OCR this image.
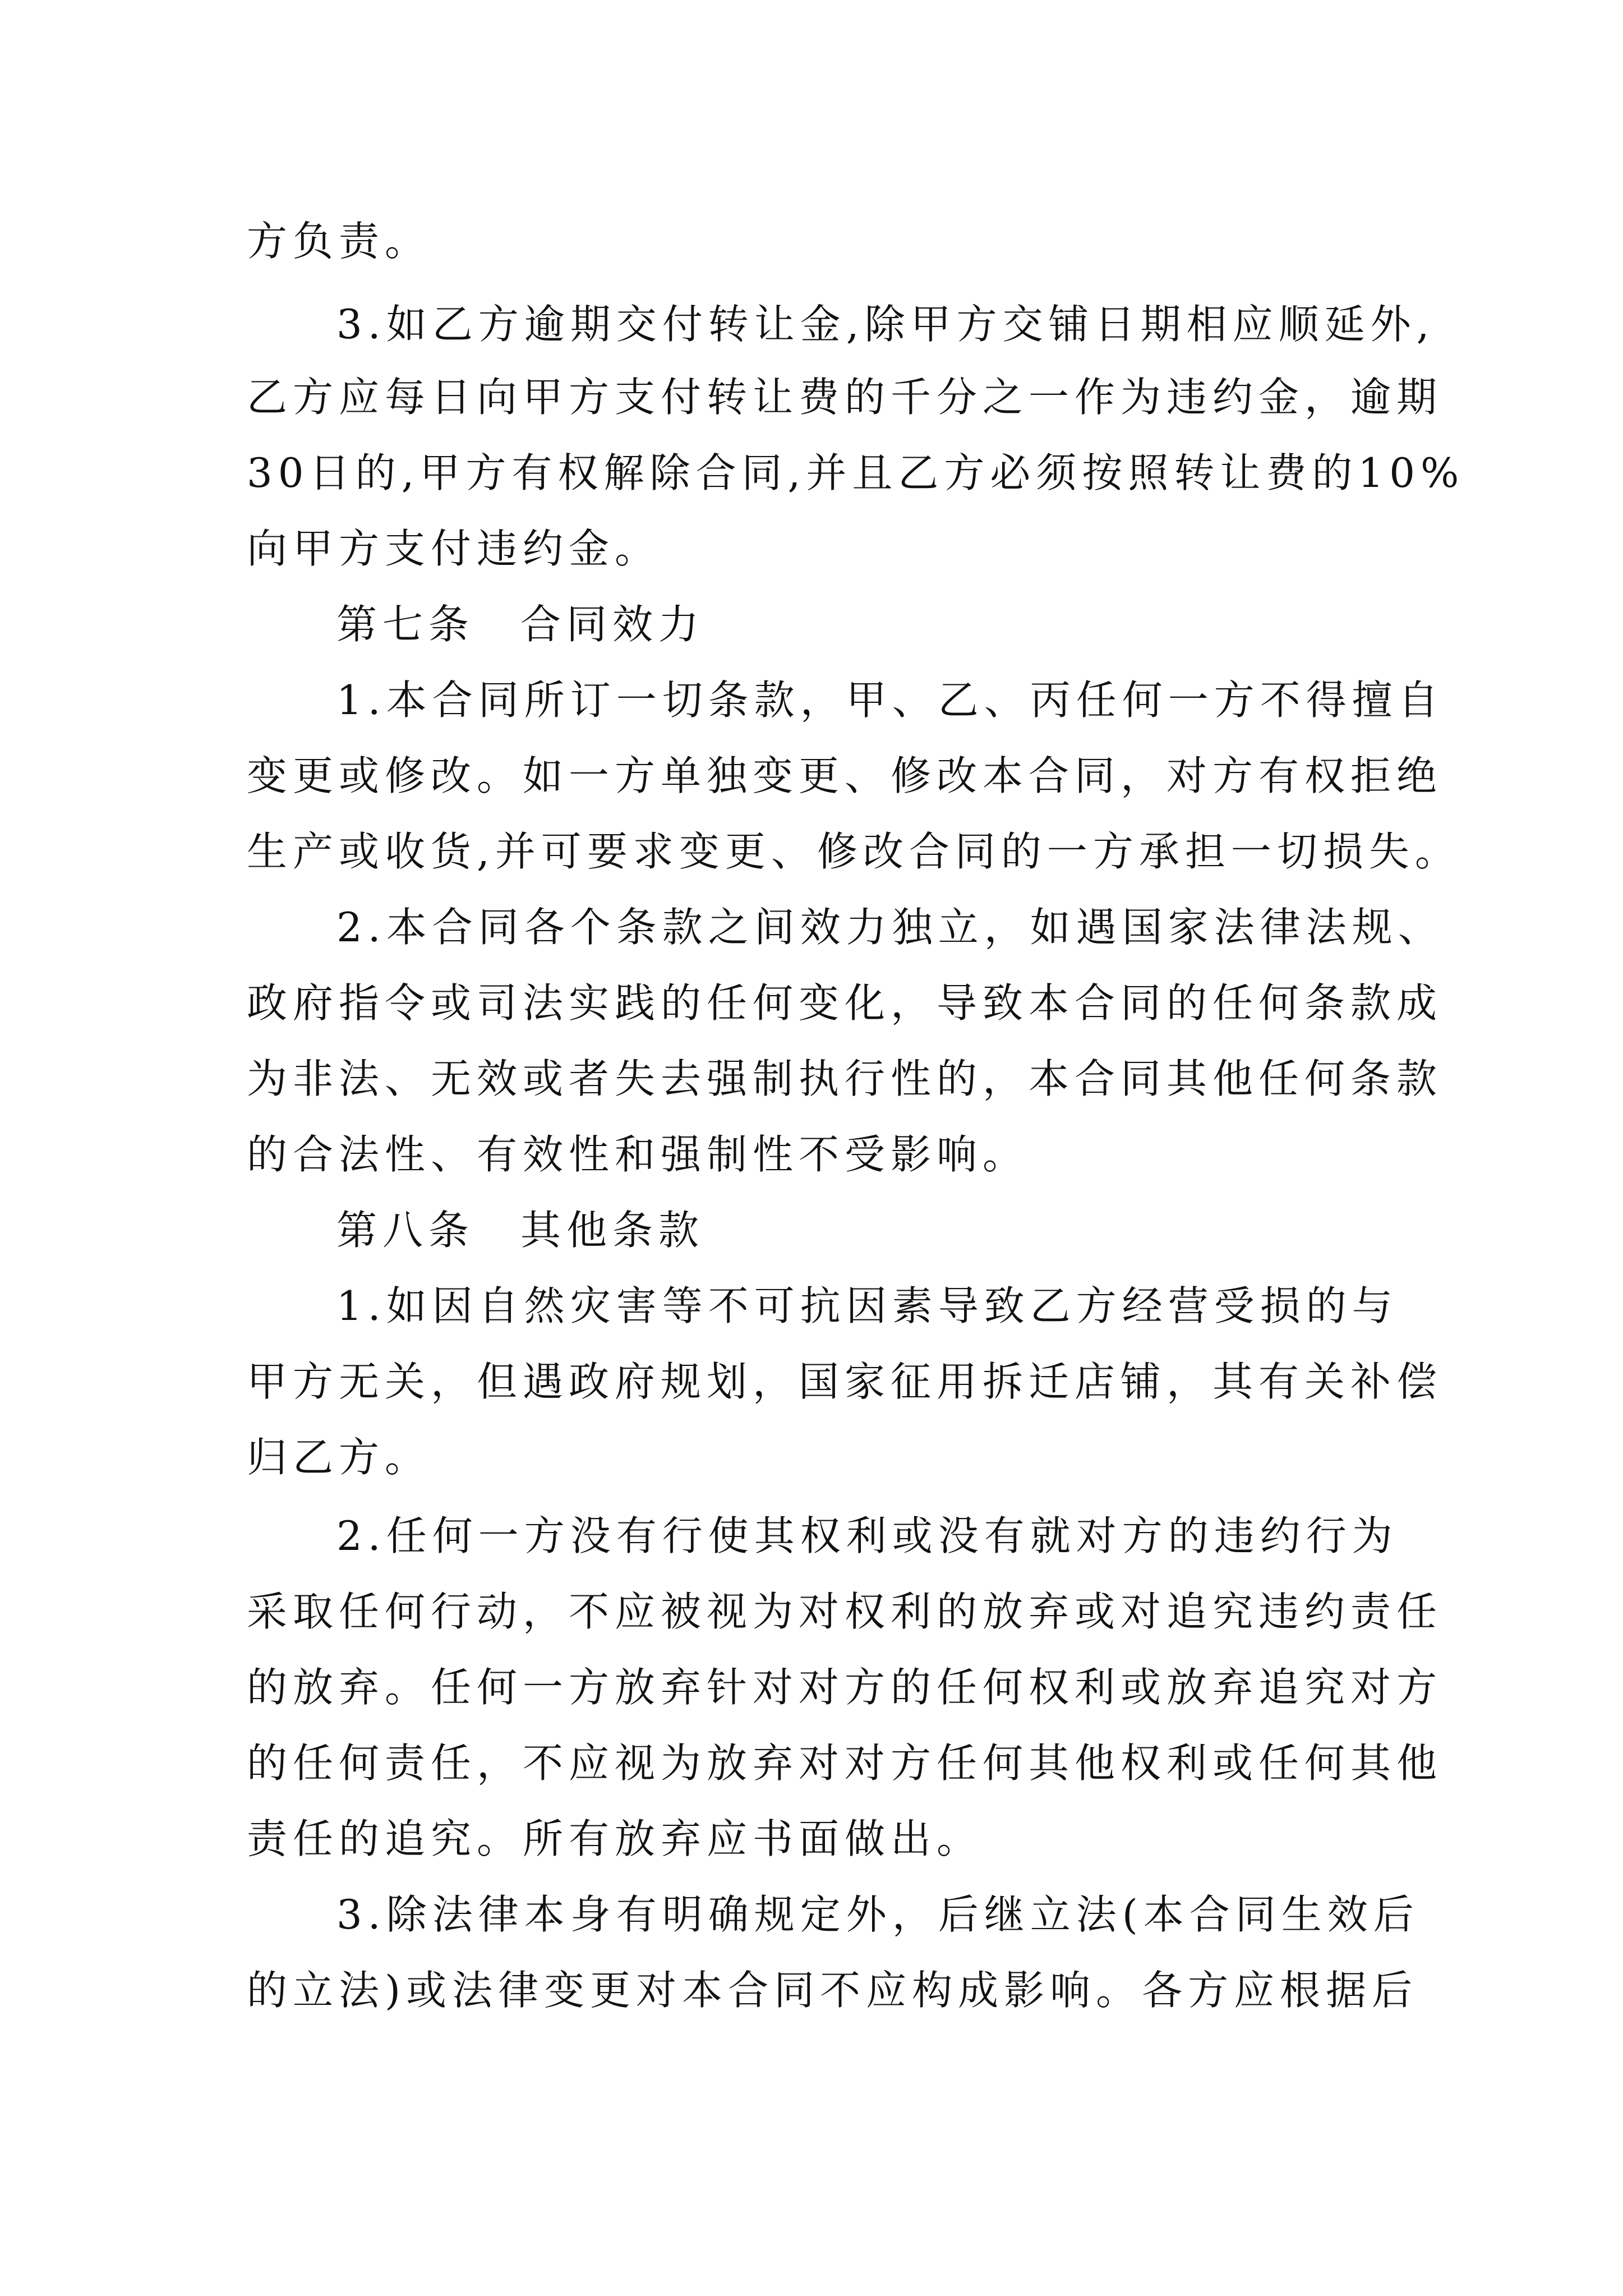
方负责。
3.如乙方逾期交付转让金,除甲方交铺日期相应顺延外,
乙方应每日向甲方支付转让费的千分之一作为违约金，逾期
30日的,甲方有权解除合同,并且乙方必须按照转让费的10%
向甲方支付违约金。
第七条　合同效力
1.本合同所订一切条款，甲、乙、丙任何一方不得擅自
变更或修改。如一方单独变更、修改本合同，对方有权拒绝
生产或收货,并可要求变更、修改合同的一方承担一切损失。
2.本合同各个条款之间效力独立，如遇国家法律法规、
政府指令或司法实践的任何变化，导致本合同的任何条款成
为非法、无效或者失去强制执行性的，本合同其他任何条款
的合法性、有效性和强制性不受影响。
第八条　其他条款
1.如因自然灾害等不可抗因素导致乙方经营受损的与
甲方无关，但遇政府规划，国家征用拆迁店铺，其有关补偿
归乙方。
2.任何一方没有行使其权利或没有就对方的违约行为
采取任何行动，不应被视为对权利的放弃或对追究违约责任
的放弃。任何一方放弃针对对方的任何权利或放弃追究对方
的任何责任，不应视为放弃对对方任何其他权利或任何其他
责任的追究。所有放弃应书面做出。
3.除法律本身有明确规定外，后继立法(本合同生效后
的立法)或法律变更对本合同不应构成影响。各方应根据后
